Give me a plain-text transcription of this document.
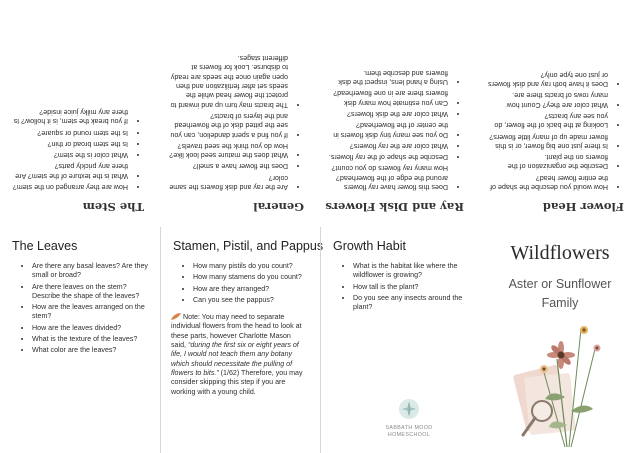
Flower Head
• How would you describe the shape of the entire flower head?
• Describe the organization of the flowers on the plant.
• Is there just one big flower, or is this flower made up of many little flowers?
• Looking at the back of the flower, do you see any bracts?
• What color are they? Count how many rows of bracts there are.
• Does it have both ray and disk flowers or just one type only?
Ray and Disk Flowers
• Does this flower have ray flowers around the edge of the flowerhead? How many ray flowers do you count?
• Describe the shape of the ray flowers.
• What color are the ray flowers?
• Do you see many tiny disk flowers in the center of the flowerhead?
• What color are the disk flowers?
• Can you estimate how many disk flowers there are in one flowerhead?
• Using a hand lens, inspect the disk flowers and describe them.
General
• Are the ray and disk flowers the same color?
• Does the flower have a smell?
• What does the mature seed look like? How do you think the seed travels?
• If you find a spent dandelion, can you see the pitted disk of the flowerhead and the layers of bracts?
• The bracts may turn up and inward to protect the flower head while the seeds set after fertilization and then open again once the seeds are ready to disburse. Look for flowers at different stages.
The Stem
• How are they arranged on the stem?
• What is the texture of the stem? Are there any prickly parts?
• What color is the stem?
• Is the stem broad or thin?
• Is the stem round or square?
• If you break the stem, is it hollow? Is there any milky juice inside?
The Leaves
• Are there any basal leaves? Are they small or broad?
• Are there leaves on the stem? Describe the shape of the leaves?
• How are the leaves arranged on the stem?
• How are the leaves divided?
• What is the texture of the leaves?
• What color are the leaves?
Stamen, Pistil, and Pappus
• How many pistils do you count?
• How many stamens do you count?
• How are they arranged?
• Can you see the pappus?
Note: You may need to separate individual flowers from the head to look at these parts, however Charlotte Mason said, “during the first six or eight years of life, I would not teach them any botany which should necessitate the pulling of flowers to bits.” (1/62) Therefore, you may consider skipping this step if you are working with a young child.
Growth Habit
• What is the habitat like where the wildflower is growing?
• How tall is the plant?
• Do you see any insects around the plant?
SABBATH MOOD
HOMESCHOOL
Wildflowers
Aster or Sunflower
Family
